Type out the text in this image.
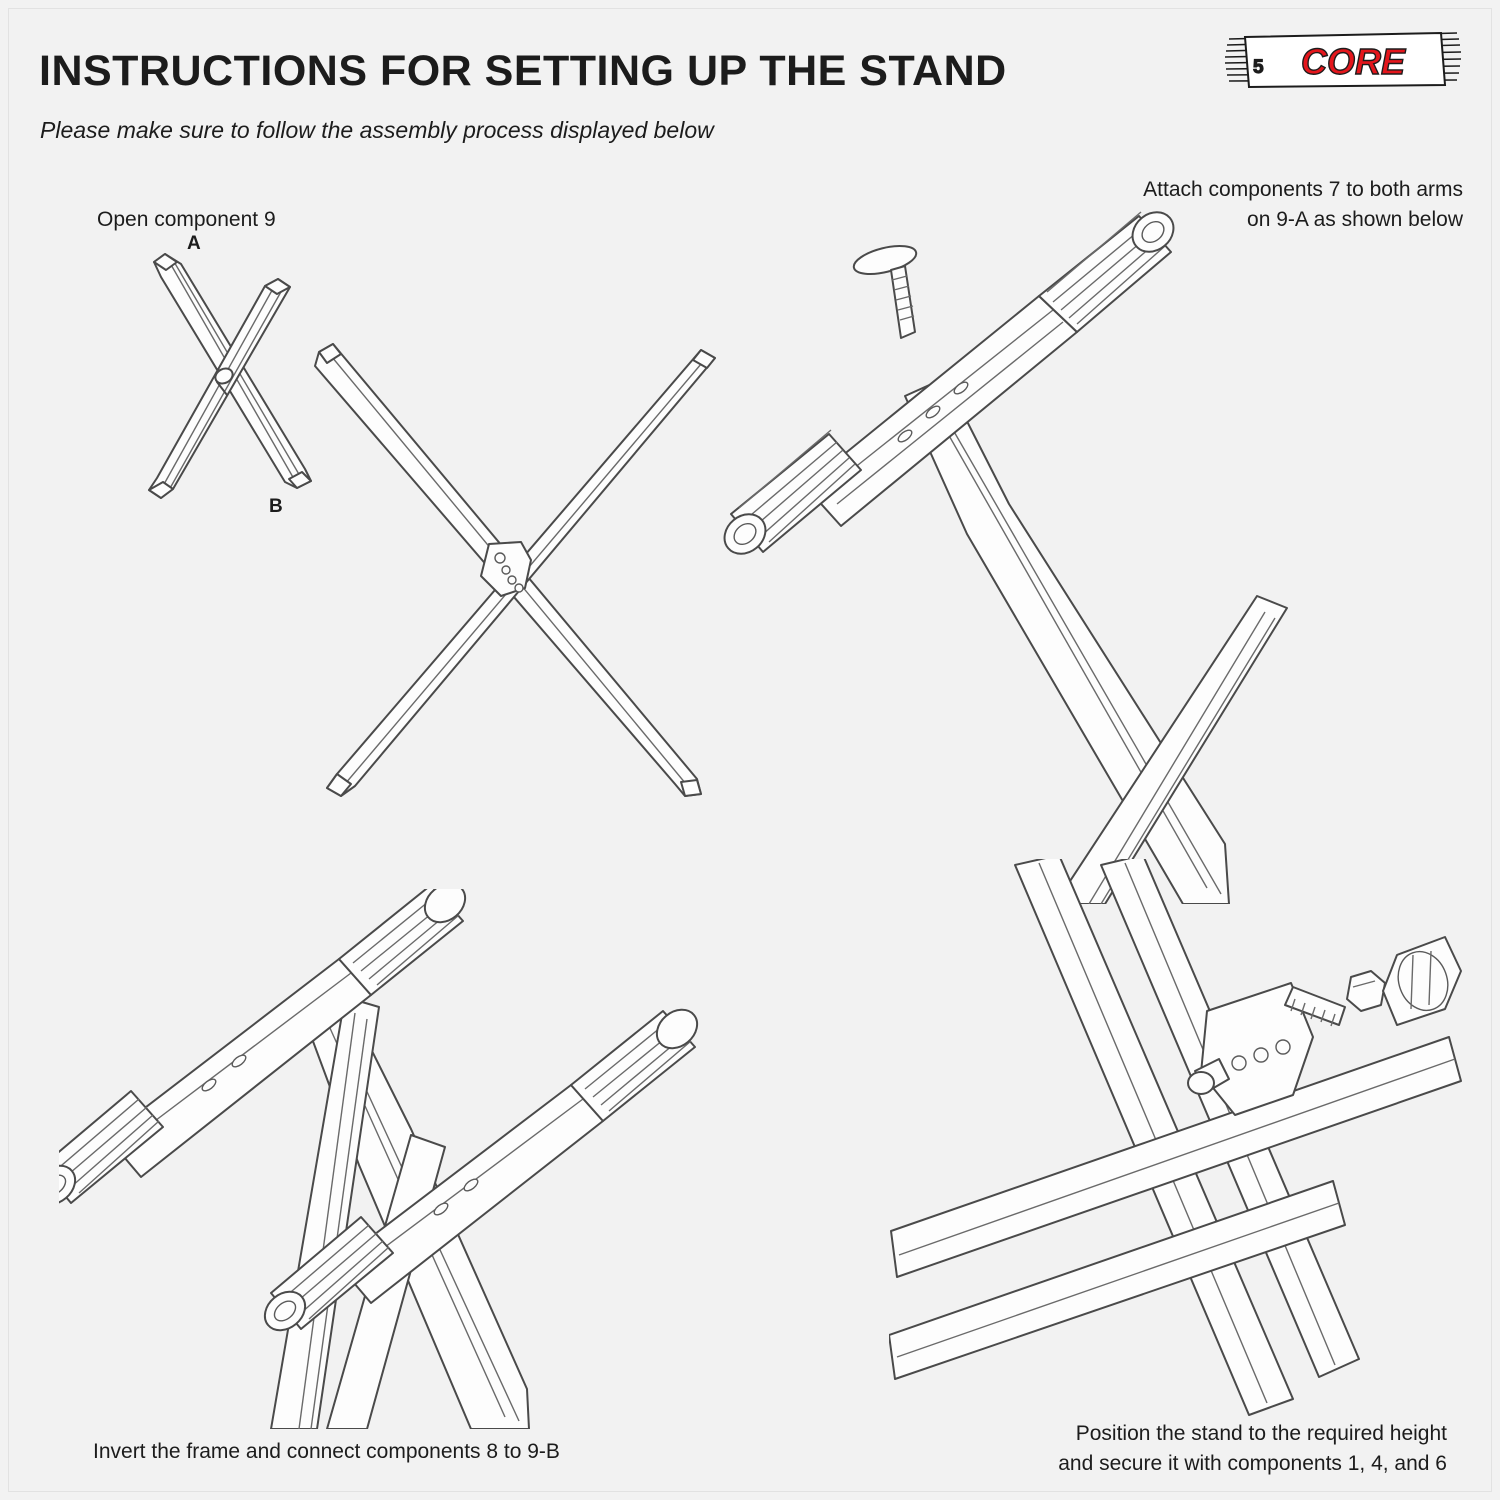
INSTRUCTIONS FOR SETTING UP THE STAND
Please make sure to follow the assembly process displayed below
5 CORE
Open component 9
Attach components 7 to both arms
on 9-A as shown below
Invert the frame and connect components 8 to 9-B
Position the stand to the required height
and secure it with components 1, 4, and 6
A
B
